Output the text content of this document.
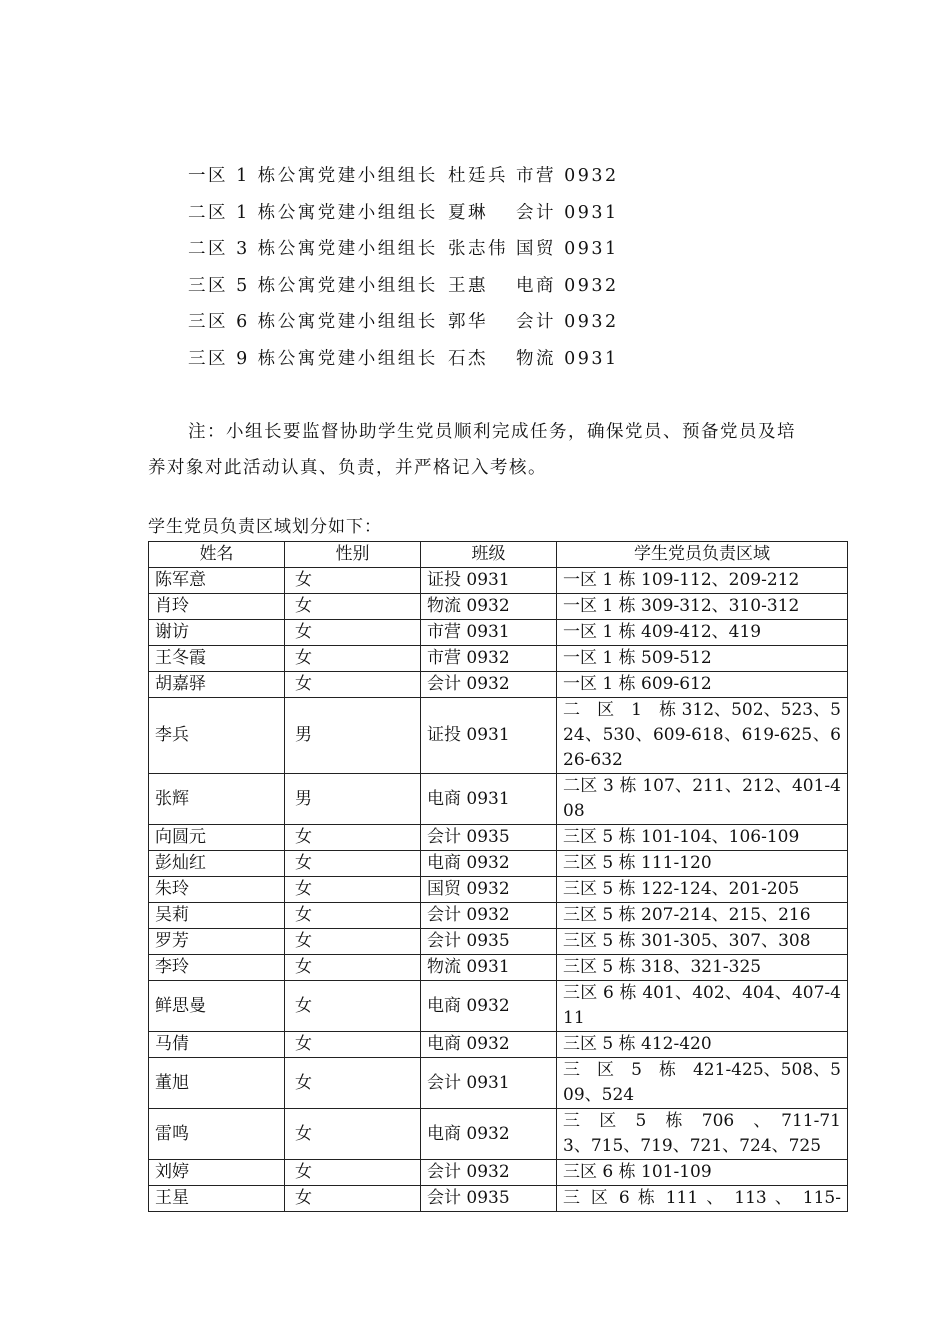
一区 1 栋公寓党建小组组长 杜廷兵 市营 0932
二区 1 栋公寓党建小组组长 夏琳	会计 0931
二区 3 栋公寓党建小组组长 张志伟 国贸 0931
三区 5 栋公寓党建小组组长 王惠	电商 0932
三区 6 栋公寓党建小组组长 郭华	会计 0932
三区 9 栋公寓党建小组组长 石杰	物流 0931

注：小组长要监督协助学生党员顺利完成任务，确保党员、预备党员及培养对象对此活动认真、负责，并严格记入考核。

学生党员负责区域划分如下：

姓名	性别	班级	学生党员负责区域
陈军意	女	证投 0931	一区 1 栋 109-112、209-212
肖玲	女	物流 0932	一区 1 栋 309-312、310-312
谢访	女	市营 0931	一区 1 栋 409-412、419
王冬霞	女	市营 0932	一区 1 栋 509-512
胡嘉驿	女	会计 0932	一区 1 栋 609-612
李兵	男	证投 0931	二　区　1　栋 312、502、523、524、530、609-618、619-625、626-632
张辉	男	电商 0931	二区 3 栋 107、211、212、401-408
向圆元	女	会计 0935	三区 5 栋 101-104、106-109
彭灿红	女	电商 0932	三区 5 栋 111-120
朱玲	女	国贸 0932	三区 5 栋 122-124、201-205
吴莉	女	会计 0932	三区 5 栋 207-214、215、216
罗芳	女	会计 0935	三区 5 栋 301-305、307、308
李玲	女	物流 0931	三区 5 栋 318、321-325
鲜思曼	女	电商 0932	三区 6 栋 401、402、404、407-411
马倩	女	电商 0932	三区 5 栋 412-420
董旭	女	会计 0931	三　区　5　栋　421-425、508、509、524
雷鸣	女	电商 0932	三　区　5　栋　706　、　711-713、715、719、721、724、725
刘婷	女	会计 0932	三区 6 栋 101-109
王星	女	会计 0935	三 区 6 栋 111 、 113 、 115-
